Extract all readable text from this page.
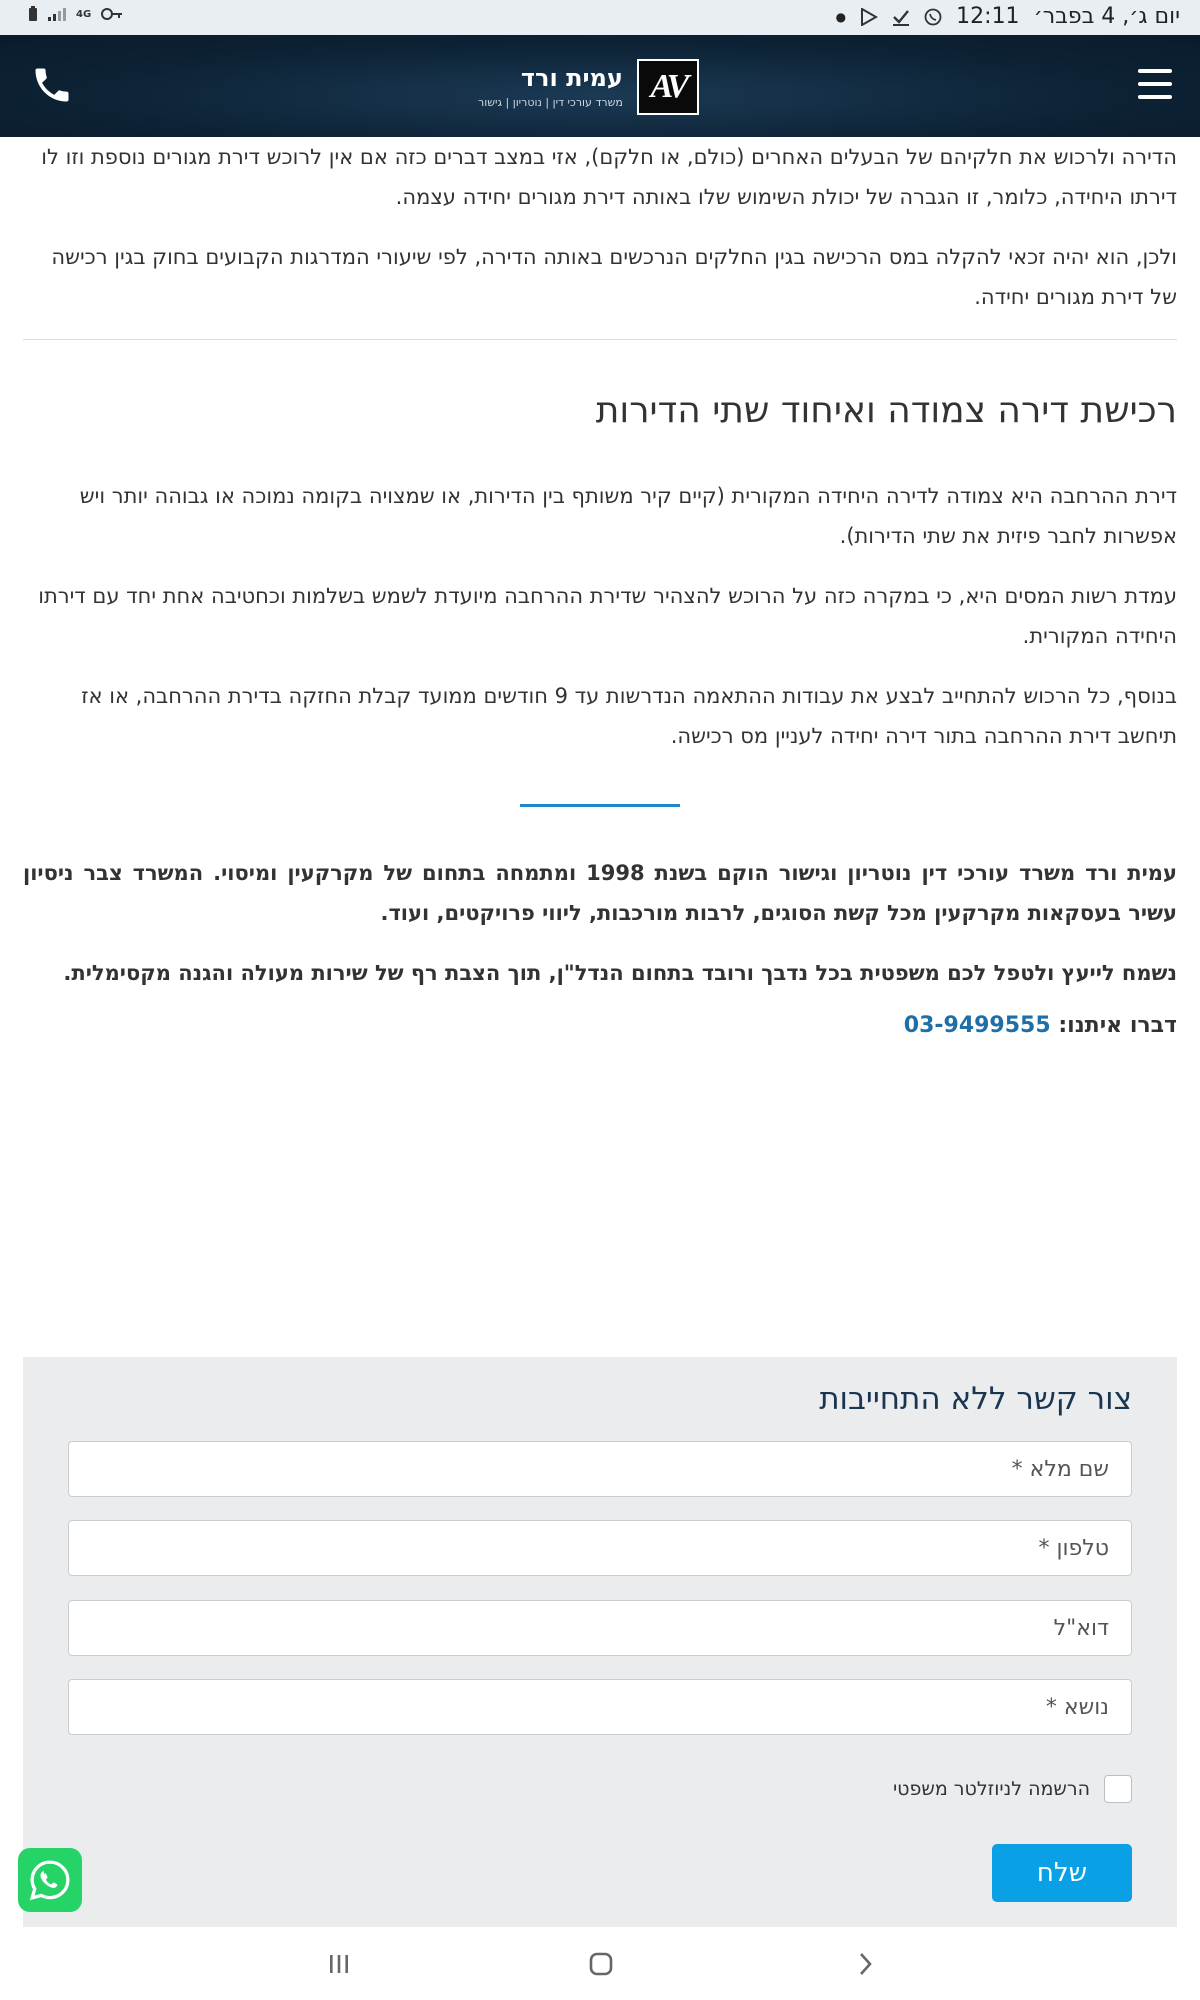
4G	●	12:11 יום ג׳, 4 בפבר׳
AV
עמית ורד
משרד עורכי דין | נוטריון | גישור

הדירה ולרכוש את חלקיהם של הבעלים האחרים (כולם, או חלקם), אזי במצב דברים כזה אם אין לרוכש דירת מגורים נוספת וזו לו דירתו היחידה, כלומר, זו הגברה של יכולת השימוש שלו באותה דירת מגורים יחידה עצמה.

ולכן, הוא יהיה זכאי להקלה במס הרכישה בגין החלקים הנרכשים באותה הדירה, לפי שיעורי המדרגות הקבועים בחוק בגין רכישה של דירת מגורים יחידה.

רכישת דירה צמודה ואיחוד שתי הדירות

דירת ההרחבה היא צמודה לדירה היחידה המקורית (קיים קיר משותף בין הדירות, או שמצויה בקומה נמוכה או גבוהה יותר ויש אפשרות לחבר פיזית את שתי הדירות).

עמדת רשות המסים היא, כי במקרה כזה על הרוכש להצהיר שדירת ההרחבה מיועדת לשמש בשלמות וכחטיבה אחת יחד עם דירתו היחידה המקורית.

בנוסף, כל הרכוש להתחייב לבצע את עבודות ההתאמה הנדרשות עד 9 חודשים ממועד קבלת החזקה בדירת ההרחבה, או אז תיחשב דירת ההרחבה בתור דירה יחידה לעניין מס רכישה.

עמית ורד משרד עורכי דין נוטריון וגישור הוקם בשנת 1998 ומתמחה בתחום של מקרקעין ומיסוי. המשרד צבר ניסיון עשיר בעסקאות מקרקעין מכל קשת הסוגים, לרבות מורכבות, ליווי פרויקטים, ועוד.

נשמח לייעץ ולטפל לכם משפטית בכל נדבך ורובד בתחום הנדל"ן, תוך הצבת רף של שירות מעולה והגנה מקסימלית.

דברו איתנו: 03-9499555

צור קשר ללא התחייבות
שם מלא *
טלפון *
דוא"ל
נושא *
הרשמה לניוזלטר משפטי
שלח
